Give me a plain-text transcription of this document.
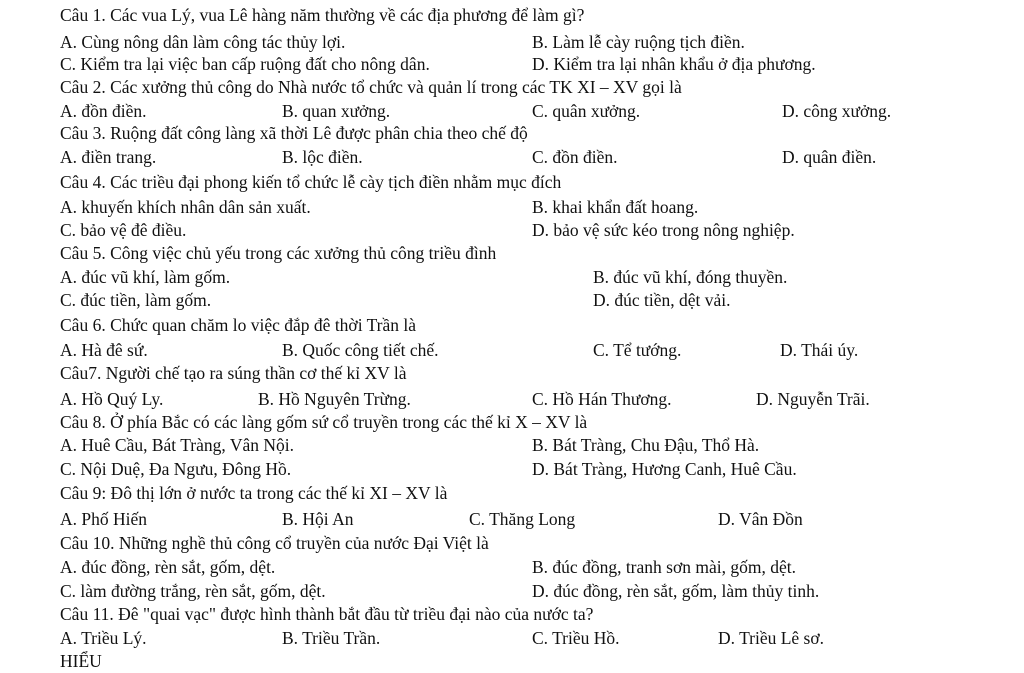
Câu 1. Các vua Lý, vua Lê hàng năm thường về các địa phương để làm gì?
A. Cùng nông dân làm công tác thủy lợi.	B. Làm lễ cày ruộng tịch điền.
C. Kiểm tra lại việc ban cấp ruộng đất cho nông dân.	D. Kiểm tra lại nhân khẩu ở địa phương.
Câu 2. Các xưởng thủ công do Nhà nước tổ chức và quản lí trong các TK XI – XV gọi là
A. đồn điền.	B. quan xưởng.	C. quân xưởng.	D. công xưởng.
Câu 3. Ruộng đất công làng xã thời Lê được phân chia theo chế độ
A. điền trang.	B. lộc điền.	C. đồn điền.	D. quân điền.
Câu 4. Các triều đại phong kiến tổ chức lễ cày tịch điền nhằm mục đích
A. khuyến khích nhân dân sản xuất.	B. khai khẩn đất hoang.
C. bảo vệ đê điều.	D. bảo vệ sức kéo trong nông nghiệp.
Câu 5. Công việc chủ yếu trong các xưởng thủ công triều đình
A. đúc vũ khí, làm gốm.	B. đúc vũ khí, đóng thuyền.
C. đúc tiền, làm gốm.	D. đúc tiền, dệt vải.
Câu 6. Chức quan chăm lo việc đắp đê thời Trần là
A. Hà đê sứ.	B. Quốc công tiết chế.	C. Tể tướng.	D. Thái úy.
Câu7. Người chế tạo ra súng thần cơ thế kỉ XV là
A. Hồ Quý Ly.	B. Hồ Nguyên Trừng.	C. Hồ Hán Thương.	D. Nguyễn Trãi.
Câu 8. Ở phía Bắc có các làng gốm sứ cổ truyền trong các thế kỉ X – XV là
A. Huê Cầu, Bát Tràng, Vân Nội.	B. Bát Tràng, Chu Đậu, Thổ Hà.
C. Nội Duệ, Đa Ngưu, Đông Hồ.	D. Bát Tràng, Hương Canh, Huê Cầu.
Câu 9: Đô thị lớn ở nước ta trong các thế kỉ XI – XV là
A. Phố Hiến	B. Hội An	C. Thăng Long	D. Vân Đồn
Câu 10. Những nghề thủ công cổ truyền của nước Đại Việt là
A. đúc đồng, rèn sắt, gốm, dệt.	B. đúc đồng, tranh sơn mài, gốm, dệt.
C. làm đường trắng, rèn sắt, gốm, dệt.	D. đúc đồng, rèn sắt, gốm, làm thủy tinh.
Câu 11. Đê "quai vạc" được hình thành bắt đầu từ triều đại nào của nước ta?
A. Triều Lý.	B. Triều Trần.	C. Triều Hồ.	D. Triều Lê sơ.
HIỂU
